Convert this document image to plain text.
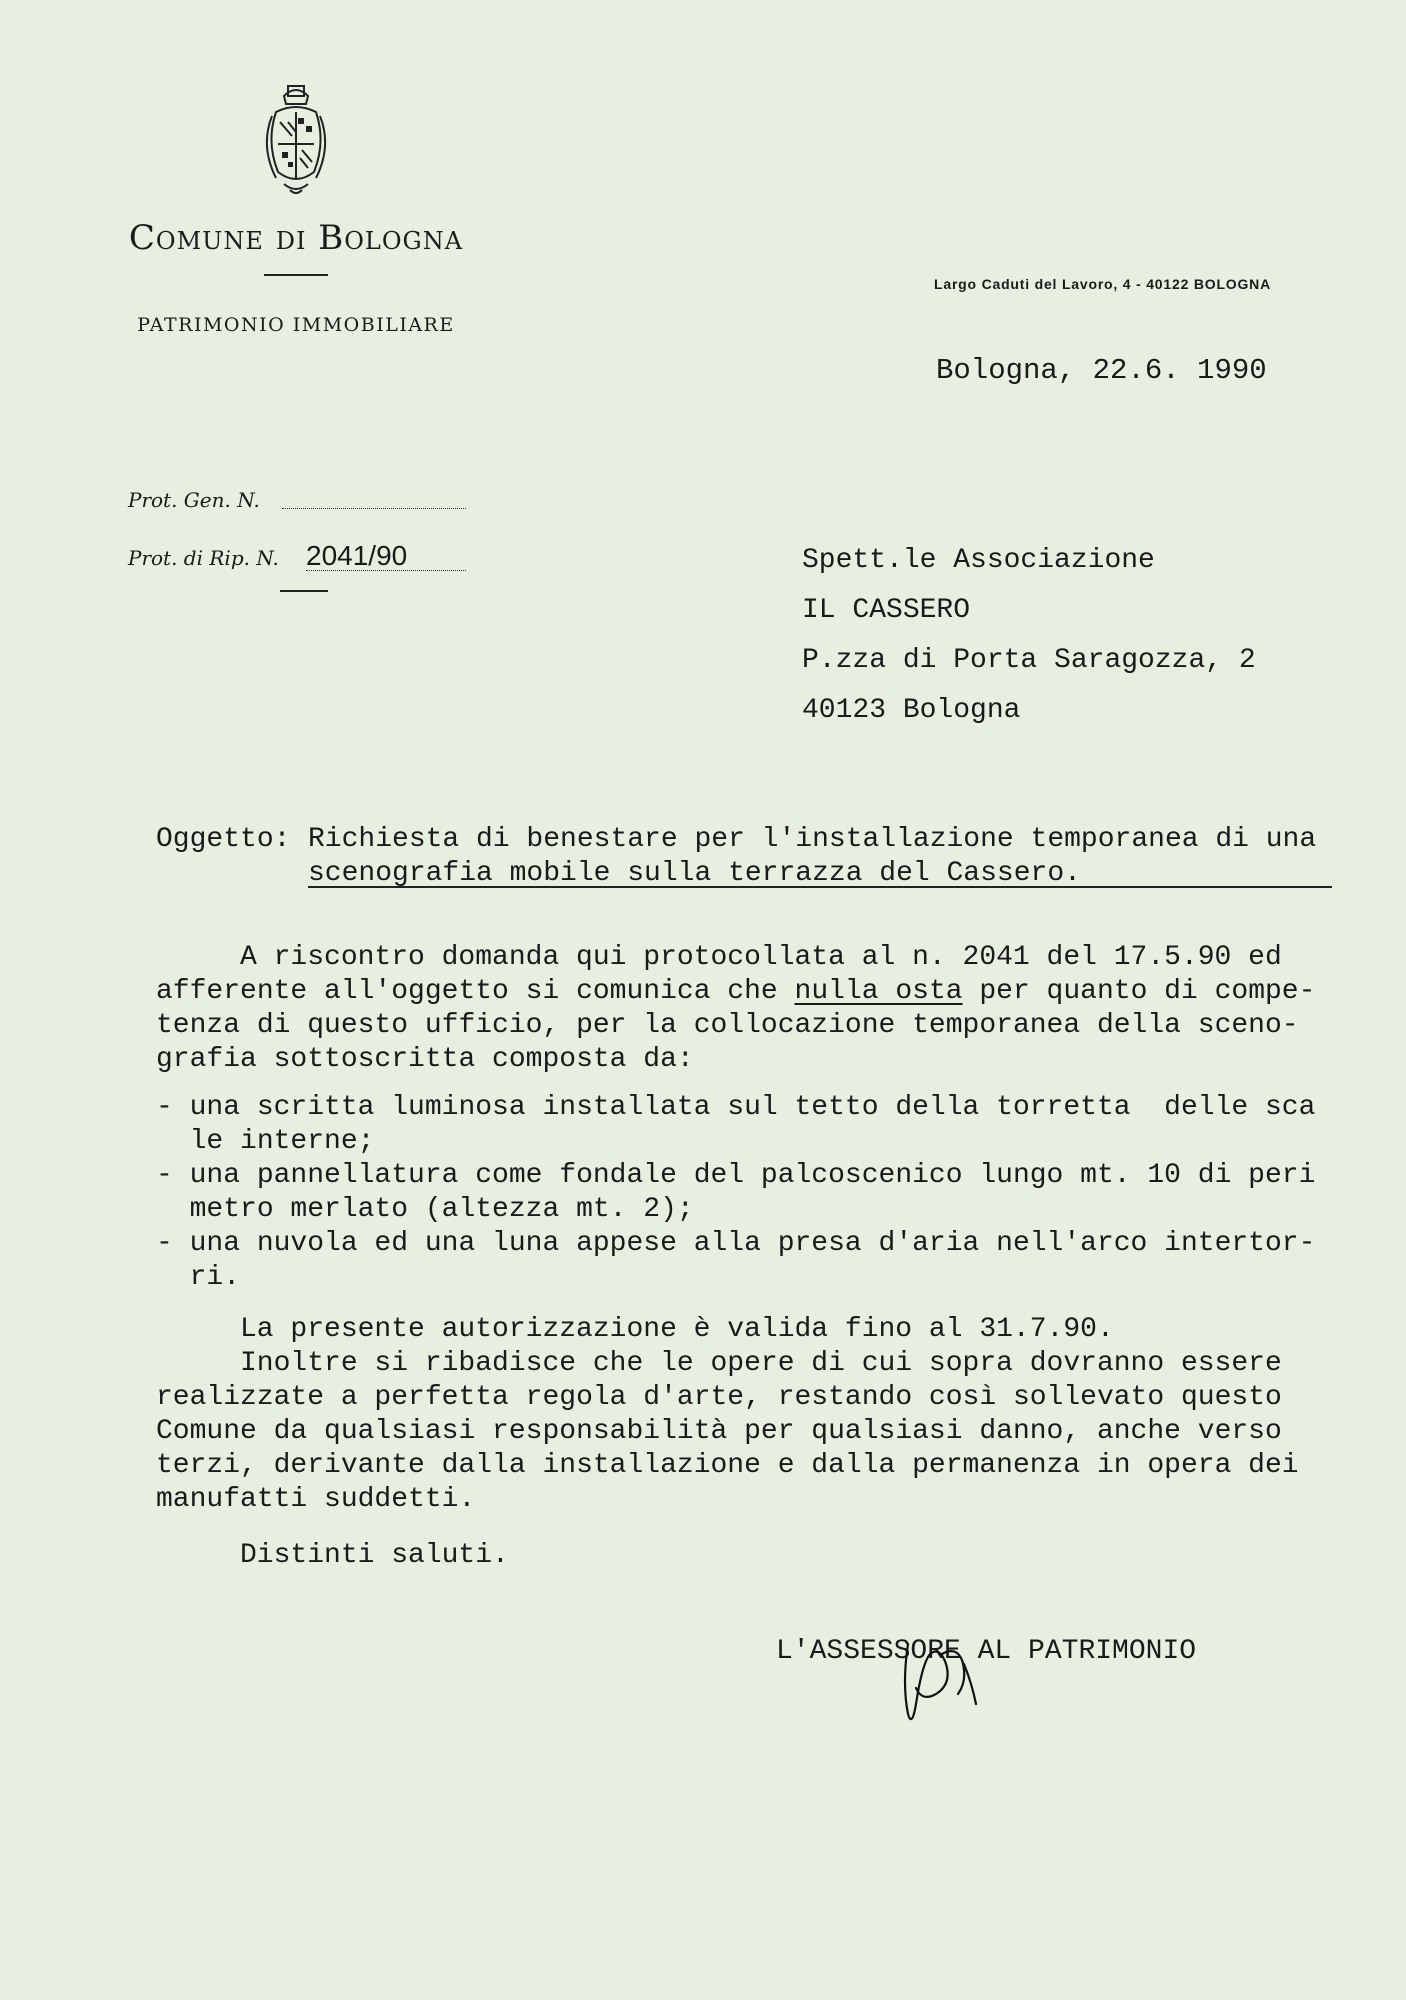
Comune di Bologna
PATRIMONIO IMMOBILIARE
Largo Caduti del Lavoro, 4 - 40122 BOLOGNA
Bologna, 22.6. 1990
Prot. Gen. N.
Prot. di Rip. N. 2041/90	Spett.le Associazione
IL CASSERO
P.zza di Porta Saragozza, 2
40123 Bologna
Oggetto: Richiesta di benestare per l'installazione temporanea di una
scenografia mobile sulla terrazza del Cassero.
A riscontro domanda qui protocollata al n. 2041 del 17.5.90 ed
afferente all'oggetto si comunica che nulla osta per quanto di compe-
tenza di questo ufficio, per la collocazione temporanea della sceno-
grafia sottoscritta composta da:
- una scritta luminosa installata sul tetto della torretta  delle sca
le interne;
- una pannellatura come fondale del palcoscenico lungo mt. 10 di peri
metro merlato (altezza mt. 2);
- una nuvola ed una luna appese alla presa d'aria nell'arco intertor-
ri.
La presente autorizzazione è valida fino al 31.7.90.
Inoltre si ribadisce che le opere di cui sopra dovranno essere
realizzate a perfetta regola d'arte, restando così sollevato questo
Comune da qualsiasi responsabilità per qualsiasi danno, anche verso
terzi, derivante dalla installazione e dalla permanenza in opera dei
manufatti suddetti.
Distinti saluti.
L'ASSESSORE AL PATRIMONIO
